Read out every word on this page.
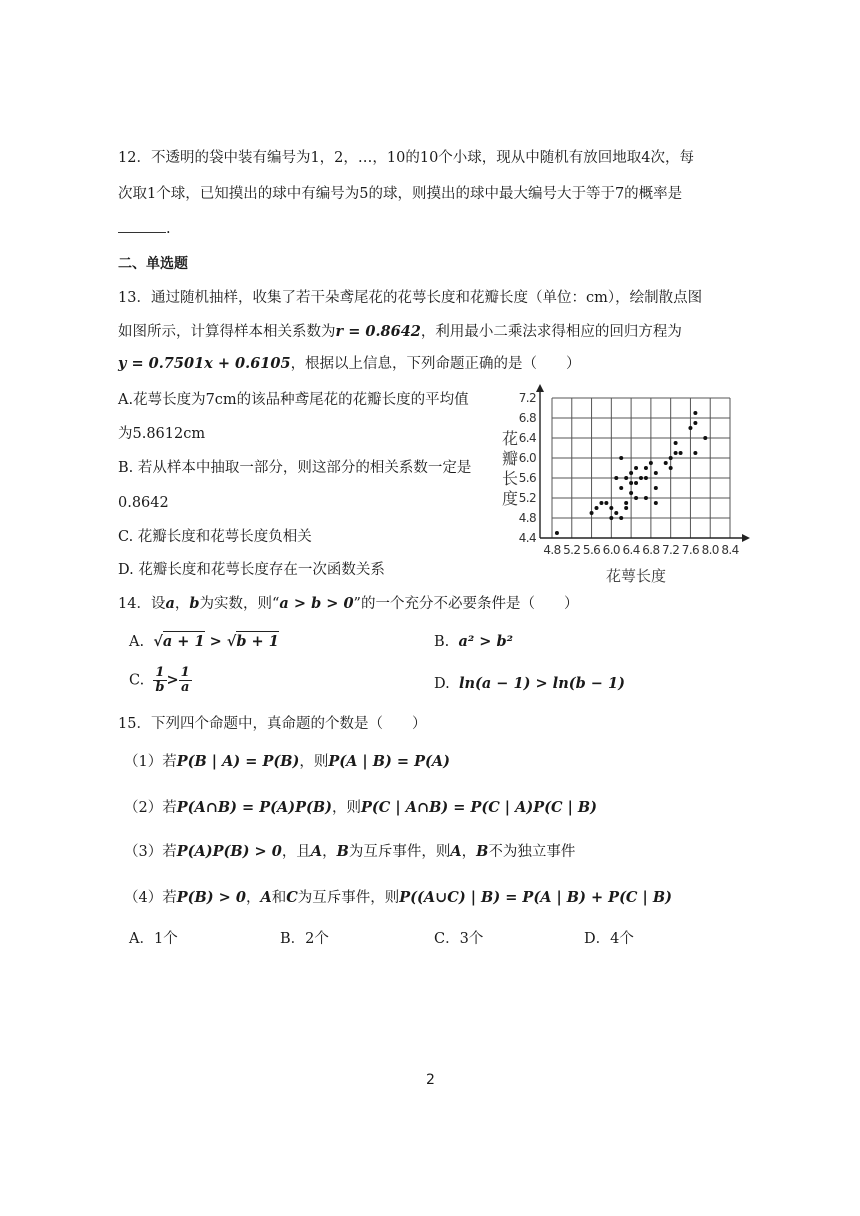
12．不透明的袋中装有编号为1，2，…，10的10个小球，现从中随机有放回地取4次，每
次取1个球，已知摸出的球中有编号为5的球，则摸出的球中最大编号大于等于7的概率是
.
二、单选题
13．通过随机抽样，收集了若干朵鸢尾花的花萼长度和花瓣长度（单位：cm），绘制散点图
如图所示，计算得样本相关系数为r = 0.8642，利用最小二乘法求得相应的回归方程为
y = 0.7501x + 0.6105，根据以上信息，下列命题正确的是（　　）
A.花萼长度为7cm的该品种鸢尾花的花瓣长度的平均值
为5.8612cm
B. 若从样本中抽取一部分，则这部分的相关系数一定是
0.8642
C. 花瓣长度和花萼长度负相关
D. 花瓣长度和花萼长度存在一次函数关系
花
瓣
长
度
花萼长度
4.8 5.2 5.6 6.0 6.4 6.8 7.2 7.6 8.0 8.4
4.4
4.8
5.2
5.6
6.0
6.4
6.8
7.2
14．设a，b为实数，则“a > b > 0”的一个充分不必要条件是（　　）
A. √a + 1 > √b + 1	B. a² > b²
C. $\frac{1}{b} > \frac{1}{a}$	D. ln(a − 1) > ln(b − 1)
15．下列四个命题中，真命题的个数是（　　）
（1）若P(B | A) = P(B)，则P(A | B) = P(A)
（2）若P(A∩B) = P(A)P(B)，则P(C | A∩B) = P(C | A)P(C | B)
（3）若P(A)P(B) > 0，且A，B为互斥事件，则A，B不为独立事件
（4）若P(B) > 0，A和C为互斥事件，则P((A∪C) | B) = P(A | B) + P(C | B)
A．1个	B．2个	C．3个	D．4个
2
